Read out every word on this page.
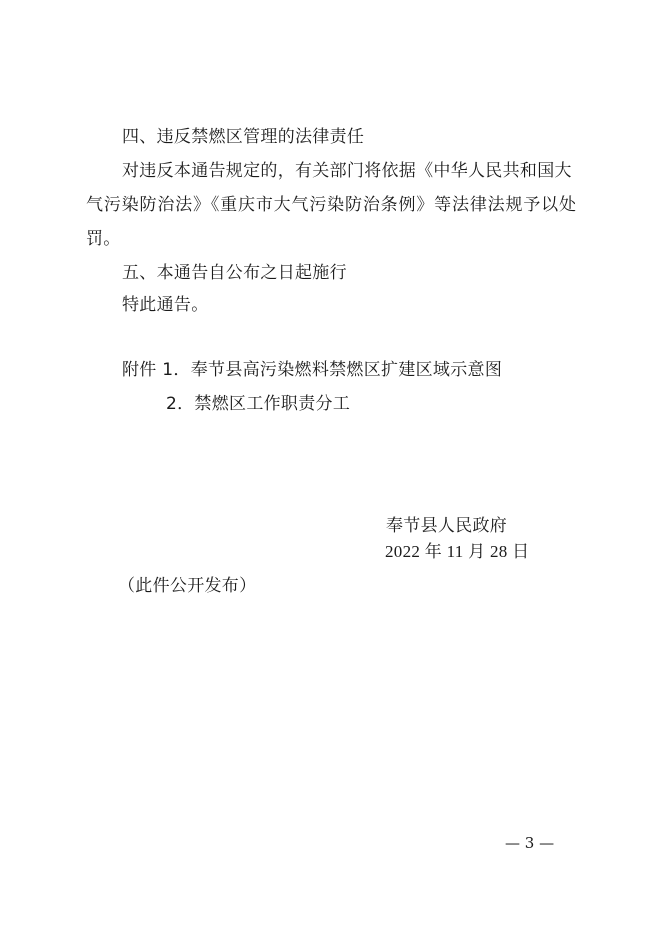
四、违反禁燃区管理的法律责任
对违反本通告规定的，有关部门将依据《中华人民共和国大
气污染防治法》《重庆市大气污染防治条例》等法律法规予以处
罚。
五、本通告自公布之日起施行
特此通告。
附件 1．奉节县高污染燃料禁燃区扩建区域示意图
2．禁燃区工作职责分工
奉节县人民政府
2022 年 11 月 28 日
（此件公开发布）
— 3 —
